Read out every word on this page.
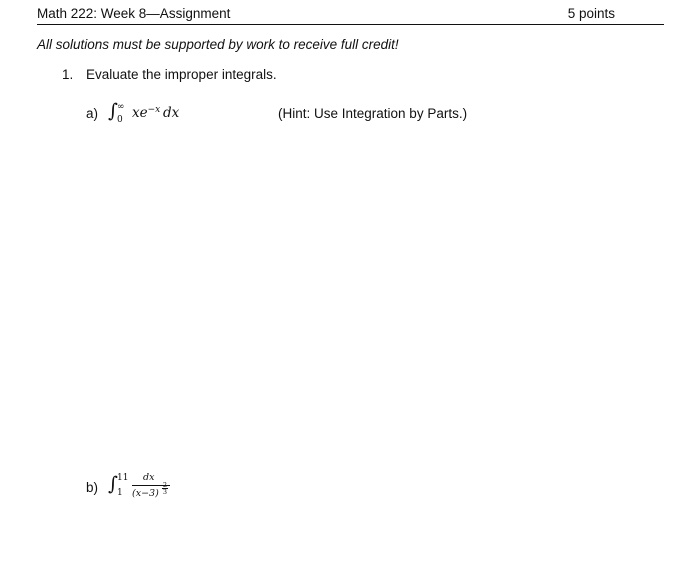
Math 222: Week 8—Assignment	5 points
All solutions must be supported by work to receive full credit!
1. Evaluate the improper integrals.
a) ∫ ∞
0 $xe^{-x}$  dx	(Hint: Use Integration by Parts.)
b) ∫ 11
1
dx
$(x-3) \frac{2}{3}$
